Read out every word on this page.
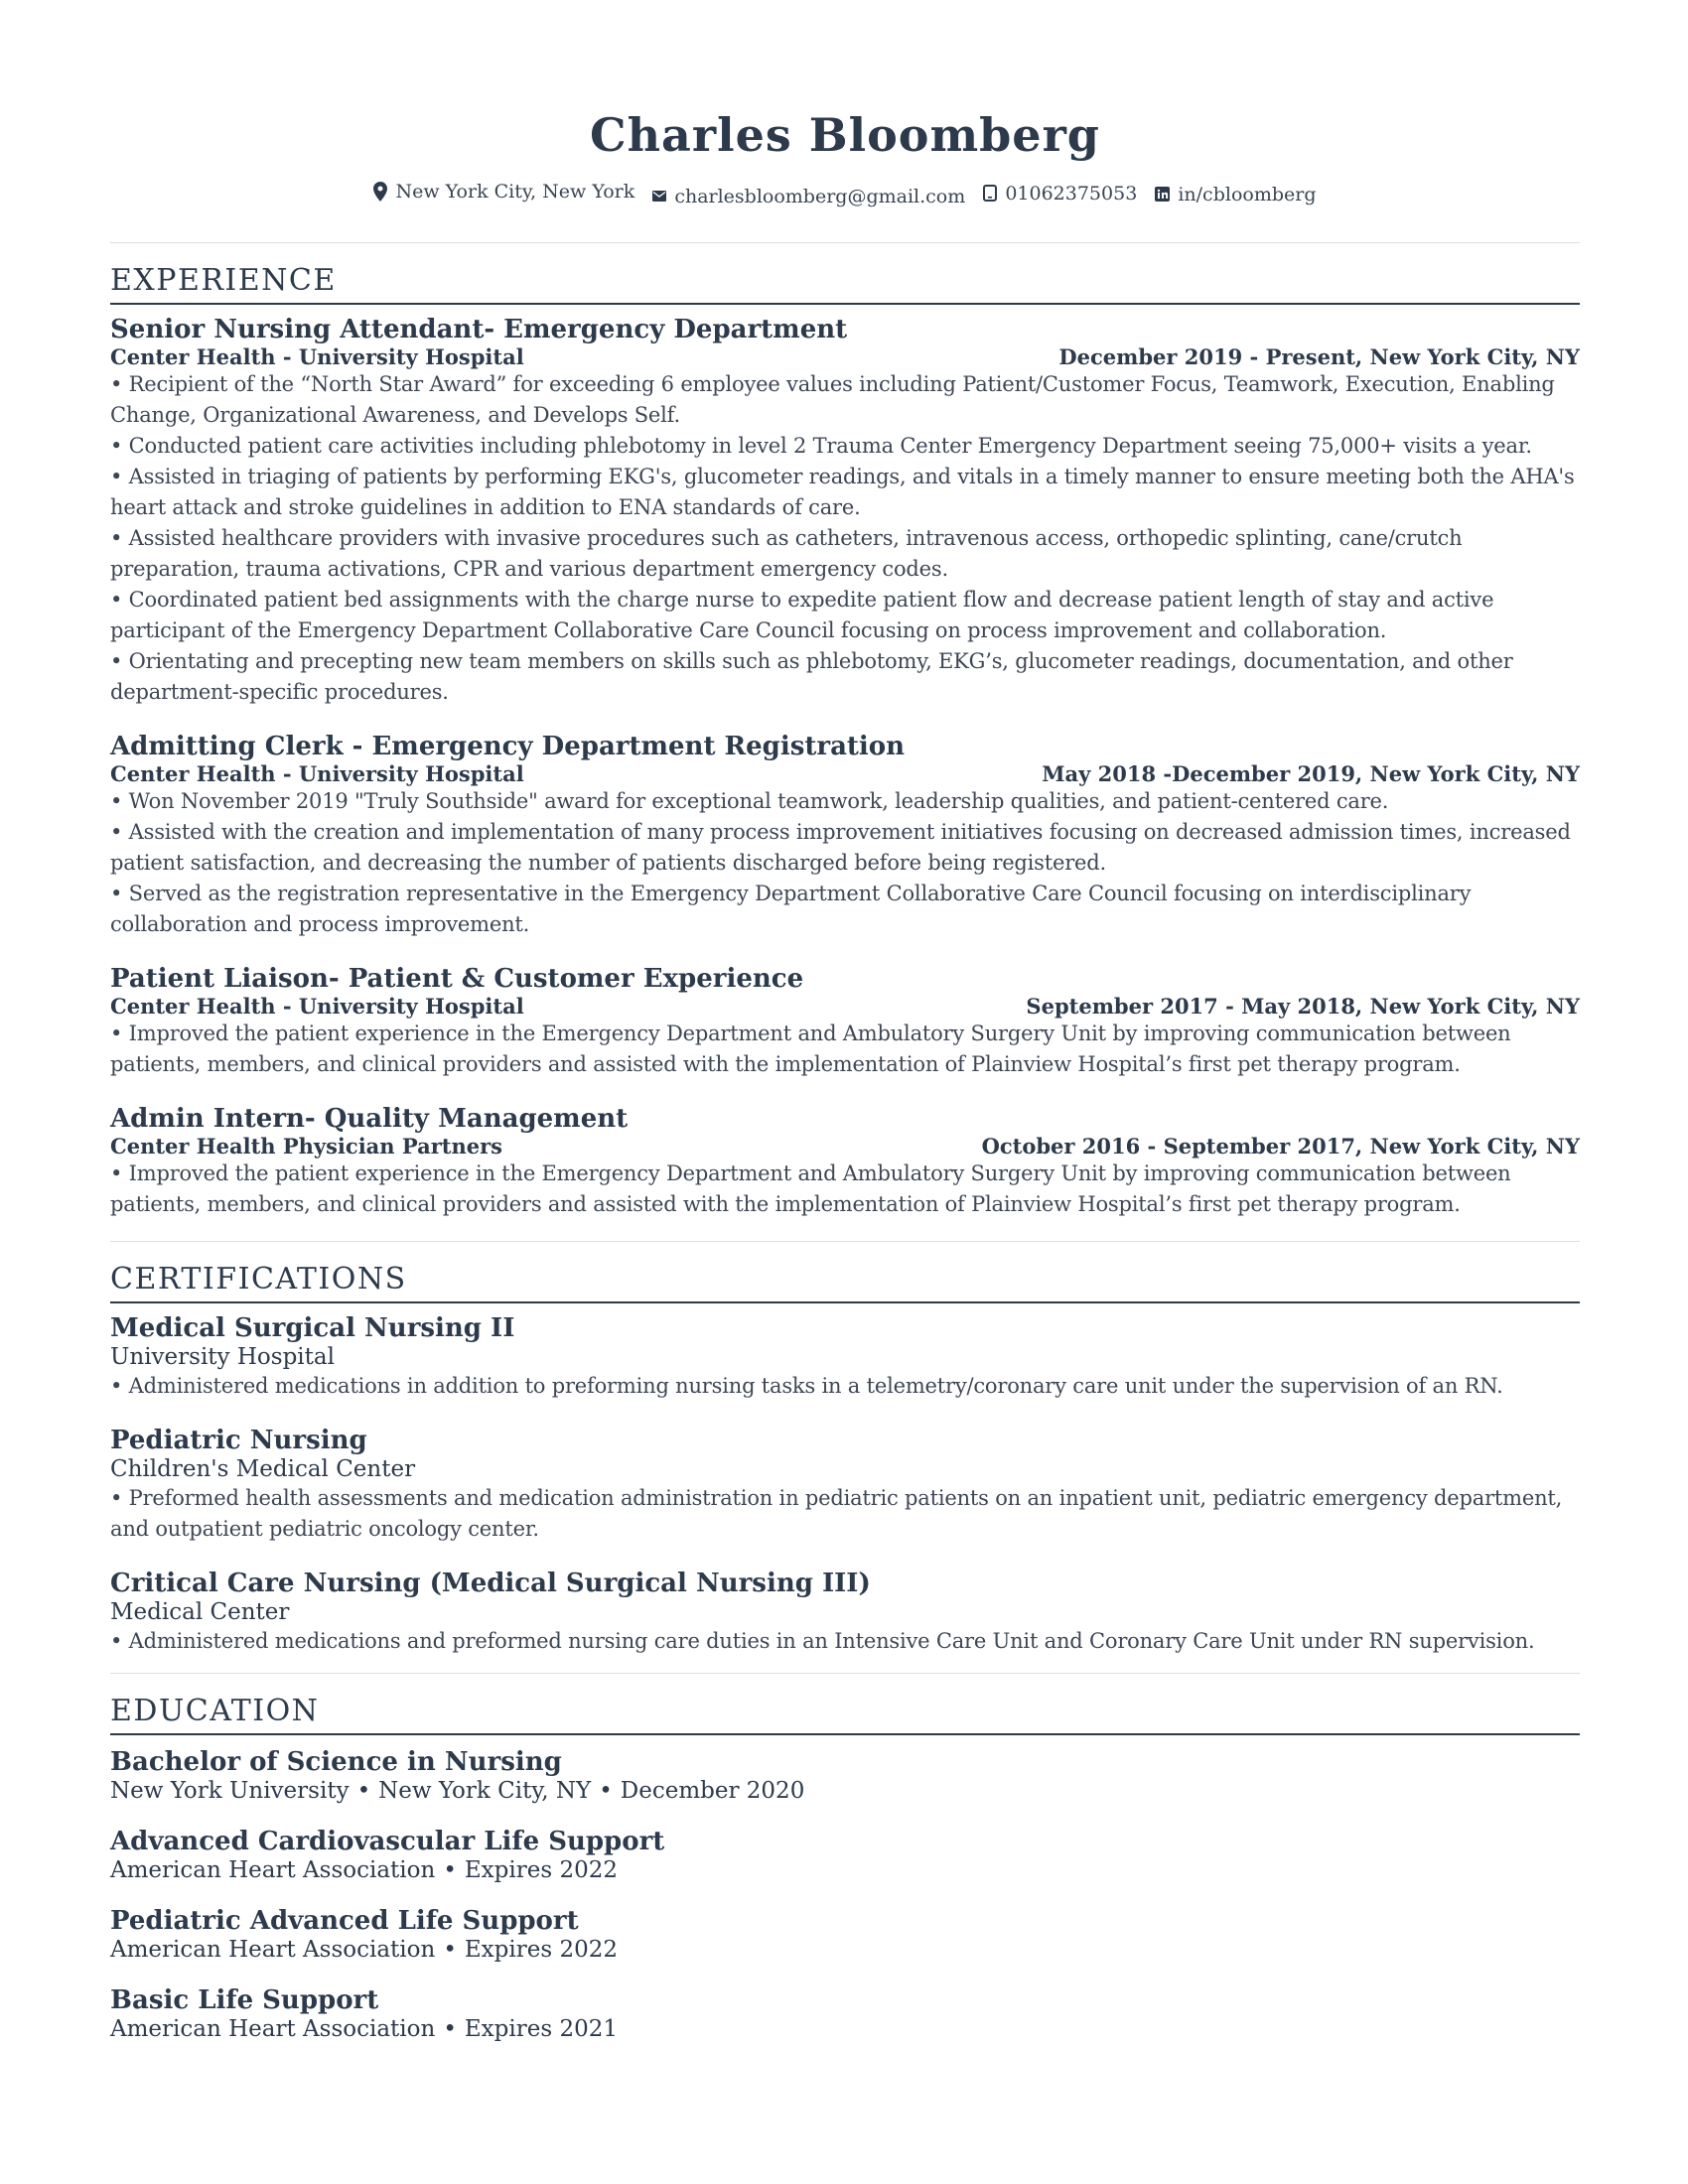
Charles Bloomberg
New York City, New York
charlesbloomberg@gmail.com
01062375053
in/cbloomberg
EXPERIENCE
Senior Nursing Attendant- Emergency Department
Center Health - University Hospital	December 2019 - Present, New York City, NY
• Recipient of the “North Star Award” for exceeding 6 employee values including Patient/Customer Focus, Teamwork, Execution, Enabling Change, Organizational Awareness, and Develops Self.
• Conducted patient care activities including phlebotomy in level 2 Trauma Center Emergency Department seeing 75,000+ visits a year.
• Assisted in triaging of patients by performing EKG's, glucometer readings, and vitals in a timely manner to ensure meeting both the AHA's heart attack and stroke guidelines in addition to ENA standards of care.
• Assisted healthcare providers with invasive procedures such as catheters, intravenous access, orthopedic splinting, cane/crutch preparation, trauma activations, CPR and various department emergency codes.
• Coordinated patient bed assignments with the charge nurse to expedite patient flow and decrease patient length of stay and active participant of the Emergency Department Collaborative Care Council focusing on process improvement and collaboration.
• Orientating and precepting new team members on skills such as phlebotomy, EKG’s, glucometer readings, documentation, and other department-specific procedures.
Admitting Clerk - Emergency Department Registration
Center Health - University Hospital	May 2018 -December 2019, New York City, NY
• Won November 2019 "Truly Southside" award for exceptional teamwork, leadership qualities, and patient-centered care.
• Assisted with the creation and implementation of many process improvement initiatives focusing on decreased admission times, increased patient satisfaction, and decreasing the number of patients discharged before being registered.
• Served as the registration representative in the Emergency Department Collaborative Care Council focusing on interdisciplinary collaboration and process improvement.
Patient Liaison- Patient & Customer Experience
Center Health - University Hospital	September 2017 - May 2018, New York City, NY
• Improved the patient experience in the Emergency Department and Ambulatory Surgery Unit by improving communication between patients, members, and clinical providers and assisted with the implementation of Plainview Hospital’s first pet therapy program.
Admin Intern- Quality Management
Center Health Physician Partners	October 2016 - September 2017, New York City, NY
• Improved the patient experience in the Emergency Department and Ambulatory Surgery Unit by improving communication between patients, members, and clinical providers and assisted with the implementation of Plainview Hospital’s first pet therapy program.
CERTIFICATIONS
Medical Surgical Nursing II
University Hospital
• Administered medications in addition to preforming nursing tasks in a telemetry/coronary care unit under the supervision of an RN.
Pediatric Nursing
Children's Medical Center
• Preformed health assessments and medication administration in pediatric patients on an inpatient unit, pediatric emergency department, and outpatient pediatric oncology center.
Critical Care Nursing (Medical Surgical Nursing III)
Medical Center
• Administered medications and preformed nursing care duties in an Intensive Care Unit and Coronary Care Unit under RN supervision.
EDUCATION
Bachelor of Science in Nursing
New York University • New York City, NY • December 2020
Advanced Cardiovascular Life Support
American Heart Association • Expires 2022
Pediatric Advanced Life Support
American Heart Association • Expires 2022
Basic Life Support
American Heart Association • Expires 2021
